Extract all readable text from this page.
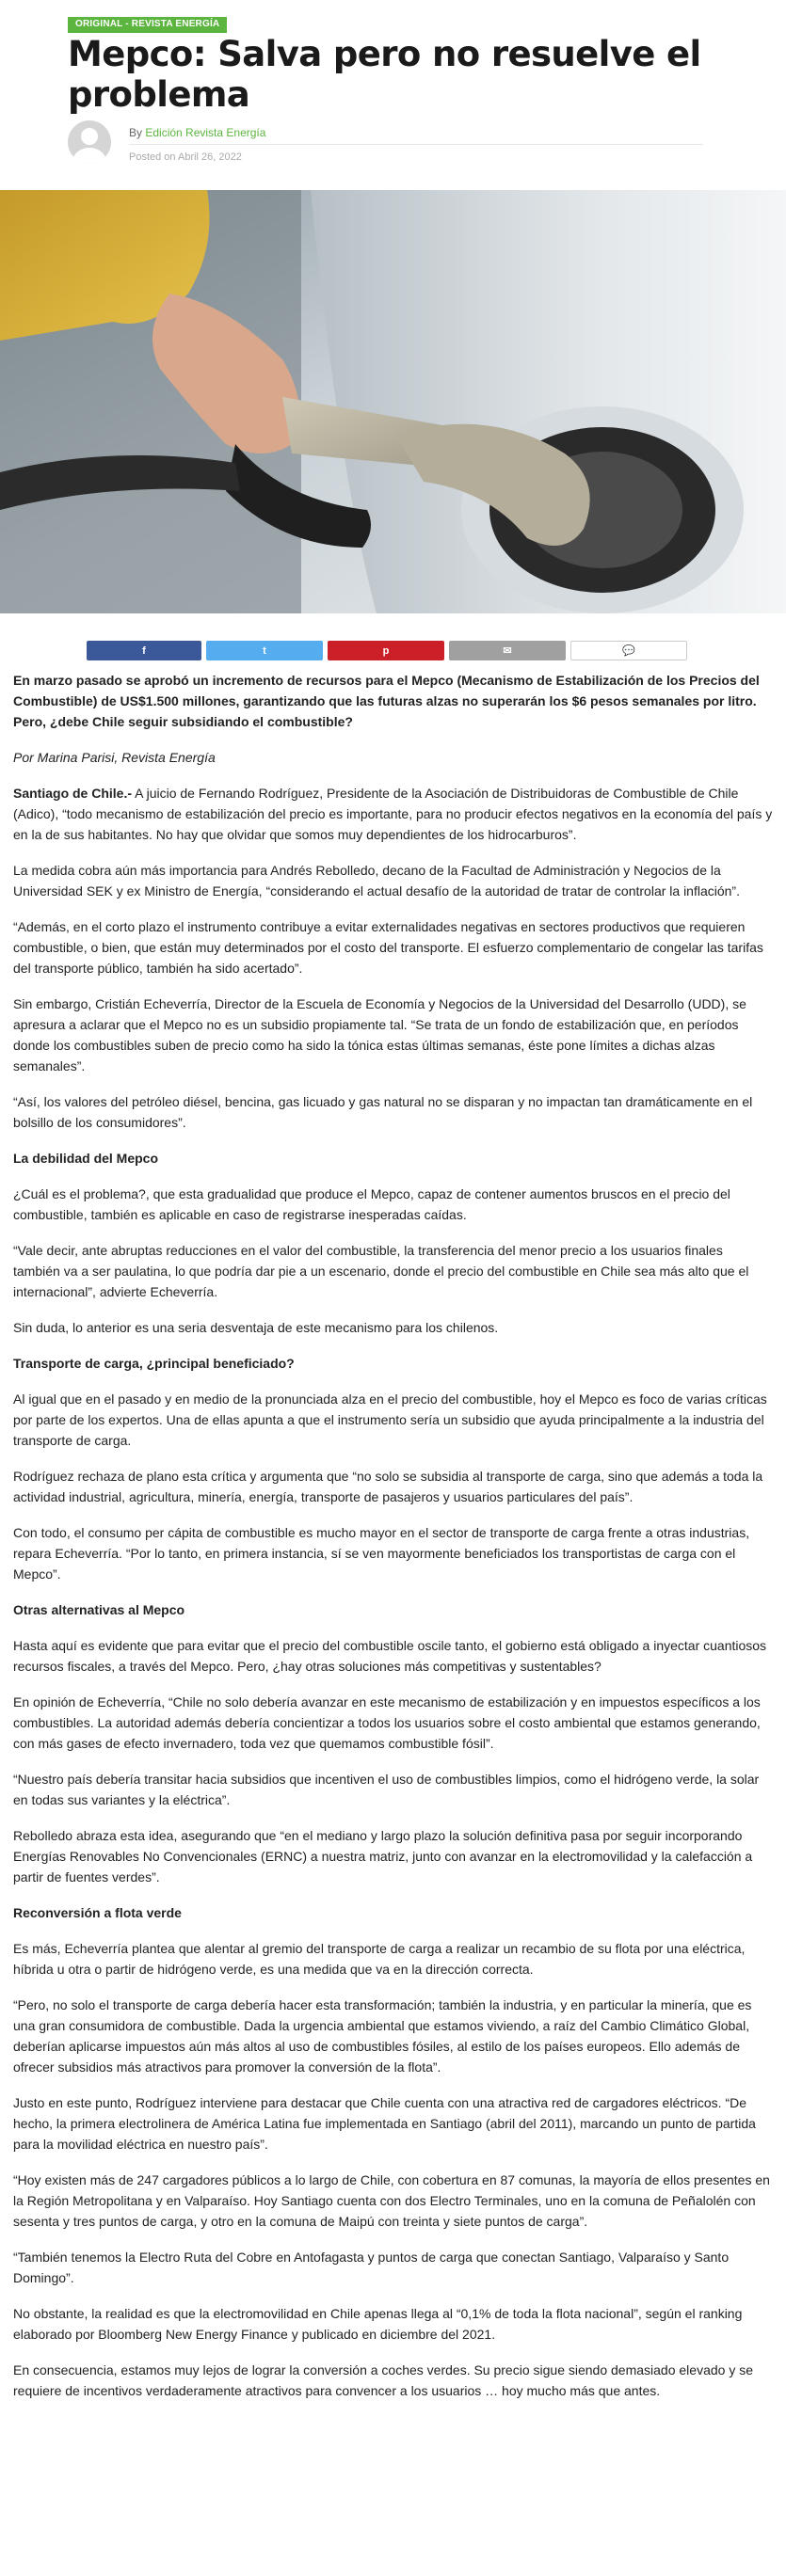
ORIGINAL - REVISTA ENERGÍA
Mepco: Salva pero no resuelve el problema
By Edición Revista Energía
Posted on Abril 26, 2022
f	t	p	✉	💬

En marzo pasado se aprobó un incremento de recursos para el Mepco (Mecanismo de Estabilización de los Precios del Combustible) de US$1.500 millones, garantizando que las futuras alzas no superarán los $6 pesos semanales por litro. Pero, ¿debe Chile seguir subsidiando el combustible?

Por Marina Parisi, Revista Energía

Santiago de Chile.- A juicio de Fernando Rodríguez, Presidente de la Asociación de Distribuidoras de Combustible de Chile (Adico), “todo mecanismo de estabilización del precio es importante, para no producir efectos negativos en la economía del país y en la de sus habitantes. No hay que olvidar que somos muy dependientes de los hidrocarburos”.

La medida cobra aún más importancia para Andrés Rebolledo, decano de la Facultad de Administración y Negocios de la Universidad SEK y ex Ministro de Energía, “considerando el actual desafío de la autoridad de tratar de controlar la inflación”.

“Además, en el corto plazo el instrumento contribuye a evitar externalidades negativas en sectores productivos que requieren combustible, o bien, que están muy determinados por el costo del transporte. El esfuerzo complementario de congelar las tarifas del transporte público, también ha sido acertado”.

Sin embargo, Cristián Echeverría, Director de la Escuela de Economía y Negocios de la Universidad del Desarrollo (UDD), se apresura a aclarar que el Mepco no es un subsidio propiamente tal. “Se trata de un fondo de estabilización que, en períodos donde los combustibles suben de precio como ha sido la tónica estas últimas semanas, éste pone límites a dichas alzas semanales”.

“Así, los valores del petróleo diésel, bencina, gas licuado y gas natural no se disparan y no impactan tan dramáticamente en el bolsillo de los consumidores”.

La debilidad del Mepco

¿Cuál es el problema?, que esta gradualidad que produce el Mepco, capaz de contener aumentos bruscos en el precio del combustible, también es aplicable en caso de registrarse inesperadas caídas.

“Vale decir, ante abruptas reducciones en el valor del combustible, la transferencia del menor precio a los usuarios finales también va a ser paulatina, lo que podría dar pie a un escenario, donde el precio del combustible en Chile sea más alto que el internacional”, advierte Echeverría.

Sin duda, lo anterior es una seria desventaja de este mecanismo para los chilenos.

Transporte de carga, ¿principal beneficiado?

Al igual que en el pasado y en medio de la pronunciada alza en el precio del combustible, hoy el Mepco es foco de varias críticas por parte de los expertos. Una de ellas apunta a que el instrumento sería un subsidio que ayuda principalmente a la industria del transporte de carga.

Rodríguez rechaza de plano esta crítica y argumenta que “no solo se subsidia al transporte de carga, sino que además a toda la actividad industrial, agricultura, minería, energía, transporte de pasajeros y usuarios particulares del país”.

Con todo, el consumo per cápita de combustible es mucho mayor en el sector de transporte de carga frente a otras industrias, repara Echeverría. “Por lo tanto, en primera instancia, sí se ven mayormente beneficiados los transportistas de carga con el Mepco”.

Otras alternativas al Mepco

Hasta aquí es evidente que para evitar que el precio del combustible oscile tanto, el gobierno está obligado a inyectar cuantiosos recursos fiscales, a través del Mepco. Pero, ¿hay otras soluciones más competitivas y sustentables?

En opinión de Echeverría, “Chile no solo debería avanzar en este mecanismo de estabilización y en impuestos específicos a los combustibles. La autoridad además debería concientizar a todos los usuarios sobre el costo ambiental que estamos generando, con más gases de efecto invernadero, toda vez que quemamos combustible fósil”.

“Nuestro país debería transitar hacia subsidios que incentiven el uso de combustibles limpios, como el hidrógeno verde, la solar en todas sus variantes y la eléctrica”.

Rebolledo abraza esta idea, asegurando que “en el mediano y largo plazo la solución definitiva pasa por seguir incorporando Energías Renovables No Convencionales (ERNC) a nuestra matriz, junto con avanzar en la electromovilidad y la calefacción a partir de fuentes verdes”.

Reconversión a flota verde

Es más, Echeverría plantea que alentar al gremio del transporte de carga a realizar un recambio de su flota por una eléctrica, híbrida u otra o partir de hidrógeno verde, es una medida que va en la dirección correcta.

“Pero, no solo el transporte de carga debería hacer esta transformación; también la industria, y en particular la minería, que es una gran consumidora de combustible. Dada la urgencia ambiental que estamos viviendo, a raíz del Cambio Climático Global, deberían aplicarse impuestos aún más altos al uso de combustibles fósiles, al estilo de los países europeos. Ello además de ofrecer subsidios más atractivos para promover la conversión de la flota”.

Justo en este punto, Rodríguez interviene para destacar que Chile cuenta con una atractiva red de cargadores eléctricos. “De hecho, la primera electrolinera de América Latina fue implementada en Santiago (abril del 2011), marcando un punto de partida para la movilidad eléctrica en nuestro país”.

“Hoy existen más de 247 cargadores públicos a lo largo de Chile, con cobertura en 87 comunas, la mayoría de ellos presentes en la Región Metropolitana y en Valparaíso. Hoy Santiago cuenta con dos Electro Terminales, uno en la comuna de Peñalolén con sesenta y tres puntos de carga, y otro en la comuna de Maipú con treinta y siete puntos de carga”.

“También tenemos la Electro Ruta del Cobre en Antofagasta y puntos de carga que conectan Santiago, Valparaíso y Santo Domingo”.

No obstante, la realidad es que la electromovilidad en Chile apenas llega al “0,1% de toda la flota nacional”, según el ranking elaborado por Bloomberg New Energy Finance y publicado en diciembre del 2021.

En consecuencia, estamos muy lejos de lograr la conversión a coches verdes. Su precio sigue siendo demasiado elevado y se requiere de incentivos verdaderamente atractivos para convencer a los usuarios … hoy mucho más que antes.
